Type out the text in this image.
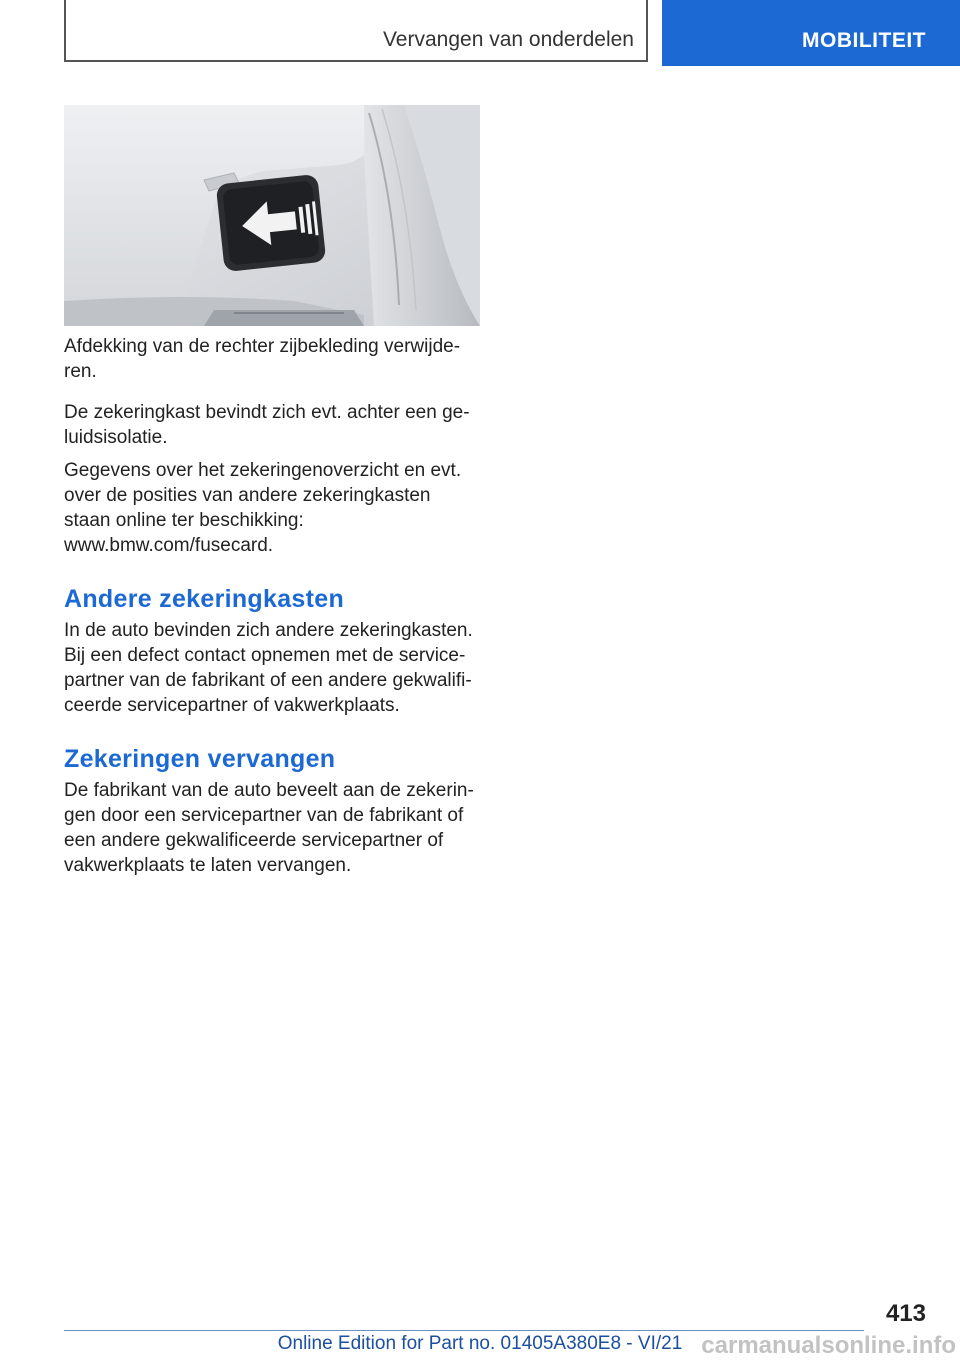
Vervangen van onderdelen	MOBILITEIT

Afdekking van de rechter zijbekleding verwijde-ren.

De zekeringkast bevindt zich evt. achter een ge-luidsisolatie.

Gegevens over het zekeringenoverzicht en evt. over de posities van andere zekeringkasten staan online ter beschikking: www.bmw.com/fusecard.

Andere zekeringkasten

In de auto bevinden zich andere zekeringkasten. Bij een defect contact opnemen met de service-partner van de fabrikant of een andere gekwalifi-ceerde servicepartner of vakwerkplaats.

Zekeringen vervangen

De fabrikant van de auto beveelt aan de zekerin-gen door een servicepartner van de fabrikant of een andere gekwalificeerde servicepartner of vakwerkplaats te laten vervangen.

413
Online Edition for Part no. 01405A380E8 - VI/21 carmanualsonline.info
